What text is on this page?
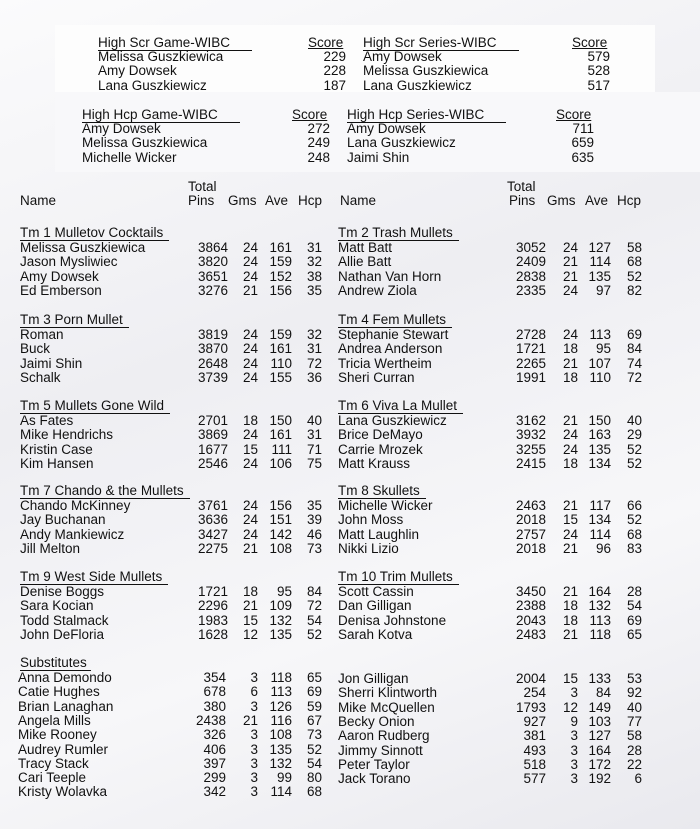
High Scr Game-WIBC	Score
Melissa Guszkiewica	229
Amy Dowsek	228
Lana Guszkiewicz	187
High Scr Series-WIBC	Score
Amy Dowsek	579
Melissa Guszkiewica	528
Lana Guszkiewicz	517
High Hcp Game-WIBC	Score
Amy Dowsek	272
Melissa Guszkiewica	249
Michelle Wicker	248
High Hcp Series-WIBC	Score
Amy Dowsek	711
Lana Guszkiewicz	659
Jaimi Shin	635
Total
Name	Pins Gms Ave Hcp
Total
Name	Pins Gms Ave Hcp
Tm 1 Mulletov Cocktails
Melissa Guszkiewica	3864	24 161	31
Jason Mysliwiec	3820	24 159	32
Amy Dowsek	3651	24 152	38
Ed Emberson	3276	21 156	35
Tm 3 Porn Mullet
Roman	3819	24 159	32
Buck	3870	24 161	31
Jaimi Shin	2648	24 110	72
Schalk	3739	24 155	36
Tm 5 Mullets Gone Wild
As Fates	2701	18 150	40
Mike Hendrichs	3869	24 161	31
Kristin Case	1677	15 111	71
Kim Hansen	2546	24 106	75
Tm 7 Chando & the Mullets
Chando McKinney	3761	24 156	35
Jay Buchanan	3636	24 151	39
Andy Mankiewicz	3427	24 142	46
Jill Melton	2275	21 108	73
Tm 9 West Side Mullets
Denise Boggs	1721	18	95	84
Sara Kocian	2296	21 109	72
Todd Stalmack	1983	15 132	54
John DeFloria	1628	12 135	52
Tm 2 Trash Mullets
Matt Batt	3052	24 127	58
Allie Batt	2409	21 114	68
Nathan Van Horn	2838	21 135	52
Andrew Ziola	2335	24	97	82
Tm 4 Fem Mullets
Stephanie Stewart	2728	24 113	69
Andrea Anderson	1721	18	95	84
Tricia Wertheim	2265	21 107	74
Sheri Curran	1991	18 110	72
Tm 6 Viva La Mullet
Lana Guszkiewicz	3162	21 150	40
Brice DeMayo	3932	24 163	29
Carrie Mrozek	3255	24 135	52
Matt Krauss	2415	18 134	52
Tm 8 Skullets
Michelle Wicker	2463	21 117	66
John Moss	2018	15 134	52
Matt Laughlin	2757	24 114	68
Nikki Lizio	2018	21	96	83
Tm 10 Trim Mullets
Scott Cassin	3450	21 164	28
Dan Gilligan	2388	18 132	54
Denisa Johnstone	2043	18 113	69
Sarah Kotva	2483	21 118	65
Substitutes
Anna Demondo	354	3 118	65
Catie Hughes	678	6 113	69
Brian Lanaghan	380	3 126	59
Angela Mills	2438	21 116	67
Mike Rooney	326	3 108	73
Audrey Rumler	406	3 135	52
Tracy Stack	397	3 132	54
Cari Teeple	299	3	99	80
Kristy Wolavka	342	3 114	68
Jon Gilligan	2004	15 133	53
Sherri Klintworth	254	3	84	92
Mike McQuellen	1793	12 149	40
Becky Onion	927	9 103	77
Aaron Rudberg	381	3 127	58
Jimmy Sinnott	493	3 164	28
Peter Taylor	518	3 172	22
Jack Torano	577	3 192	6
